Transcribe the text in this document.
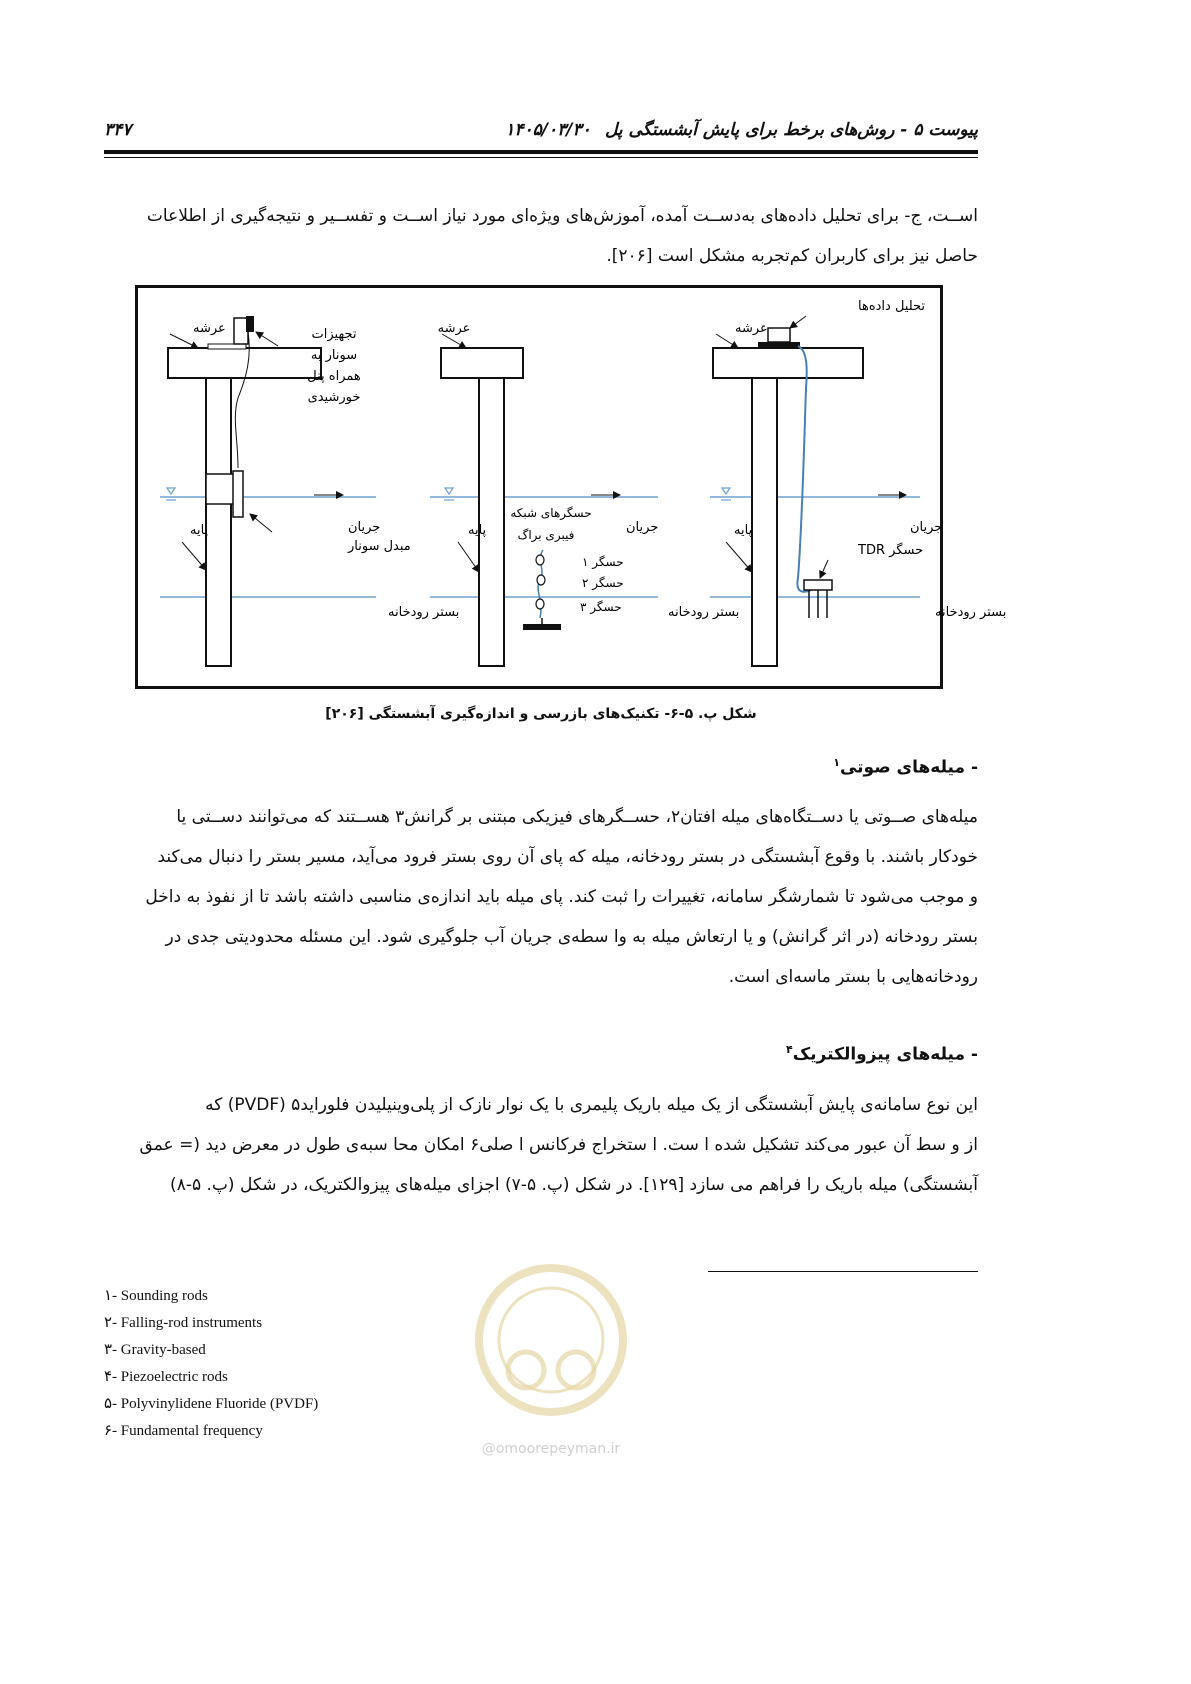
پیوست ۵ - روش‌های برخط برای پایش آبشستگی پل
۱۴۰۵/۰۳/۳۰
۳۴۷
اســت، ج- برای تحلیل داده‌های به‌دســت آمده، آموزش‌های ویژه‌ای مورد نیاز اســت و تفســیر و نتیجه‌گیری از اطلاعات
حاصل نیز برای کاربران کم‌تجربه مشکل است [۲۰۶].
عرشه	تجهیزات
سونار به
همراه پنل
خورشیدی
جریان
مبدل سونار
پایه
بستر رودخانه
عرشه
حسگرهای شبکه
فیبری براگ	جریان
پایه
حسگر ۱
حسگر ۲
حسگر ۳	بستر رودخانه
تحلیل داده‌ها
عرشه
جریان
پایه
حسگر TDR
بستر رودخانه
شکل پ. ۵-۶- تکنیک‌های بازرسی و اندازه‌گیری آبشستگی [۲۰۶]
- میله‌های صوتی$^۱$
میله‌های صــوتی یا دســتگاه‌های میله افتان۲، حســگرهای فیزیکی مبتنی بر گرانش۳ هســتند که می‌توانند دســتی یا
خودکار باشند. با وقوع آبشستگی در بستر رودخانه، میله که پای آن روی بستر فرود می‌آید، مسیر بستر را دنبال می‌کند
و موجب می‌شود تا شمارشگر سامانه، تغییرات را ثبت کند. پای میله باید اندازه‌ی مناسبی داشته باشد تا از نفوذ به داخل
بستر رودخانه (در اثر گرانش) و یا ارتعاش میله به وا سطه‌ی جریان آب جلوگیری شود. این مسئله محدودیتی جدی در
رودخانه‌هایی با بستر ماسه‌ای است.
- میله‌های پیزوالکتریک$^۴$
این نوع سامانه‌ی پایش آبشستگی از یک میله باریک پلیمری با یک نوار نازک از پلی‌وینیلیدن فلوراید۵ (PVDF) که
از و سط آن عبور می‌کند تشکیل شده ا ست. ا ستخراج فرکانس ا صلی۶ امکان محا سبه‌ی طول در معرض دید (= عمق
آبشستگی) میله باریک را فراهم می سازد [۱۲۹]. در شکل (پ. ۵-۷) اجزای میله‌های پیزوالکتریک، در شکل (پ. ۵-۸)
@omoorepeyman.ir
۱- Sounding rods
۲- Falling-rod instruments
۳- Gravity-based
۴- Piezoelectric rods
۵- Polyvinylidene Fluoride (PVDF)
۶- Fundamental frequency
